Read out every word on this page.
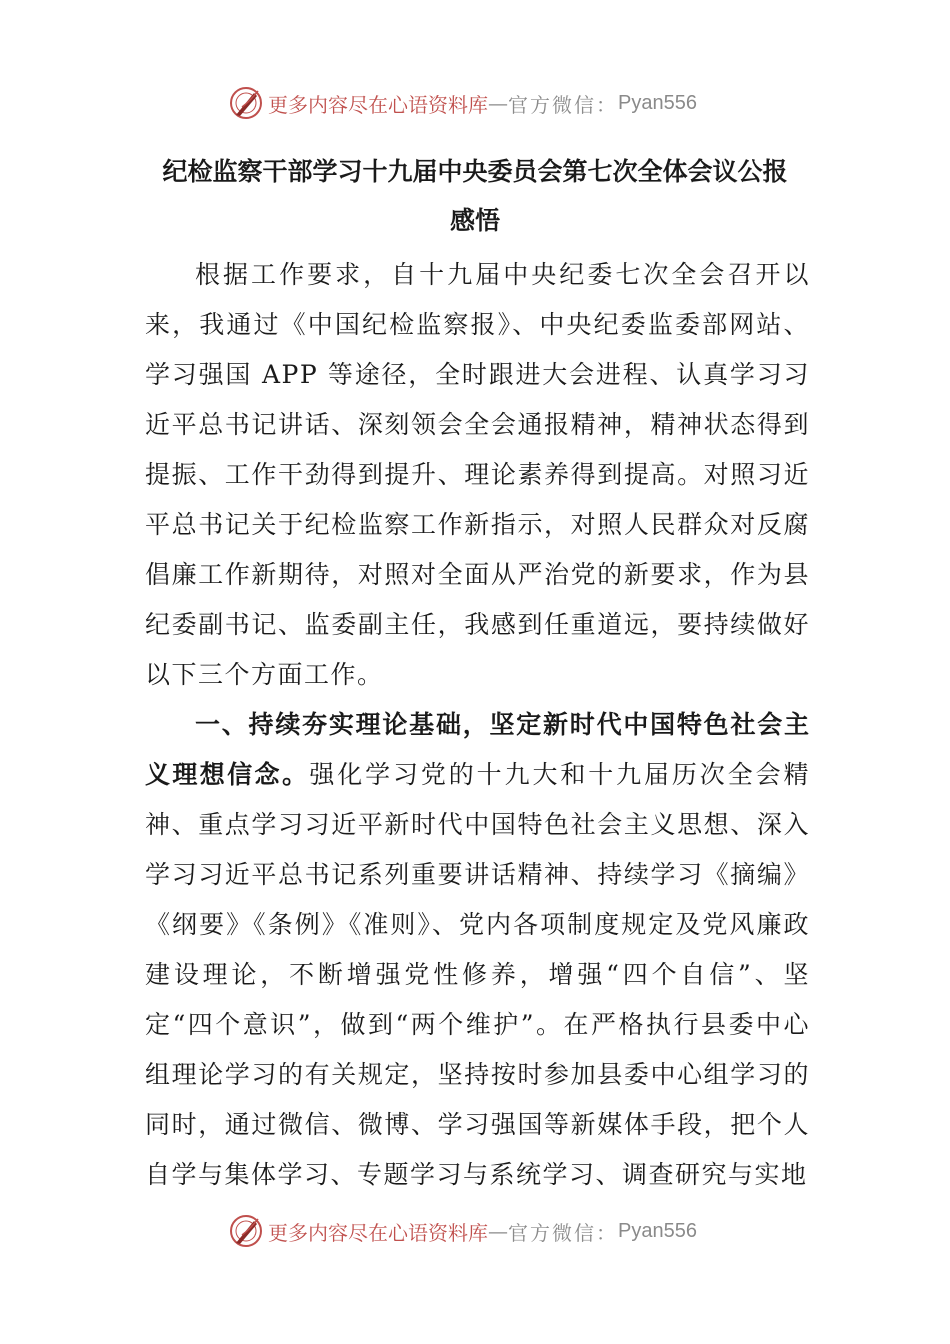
更多内容尽在心语资料库 — 官方微信： Pyan556
纪检监察干部学习十九届中央委员会第七次全体会议公报
感悟

根据工作要求，自十九届中央纪委七次全会召开以来，我通过《中国纪检监察报》、中央纪委监委部网站、学习强国 APP 等途径，全时跟进大会进程、认真学习习近平总书记讲话、深刻领会全会通报精神，精神状态得到提振、工作干劲得到提升、理论素养得到提高。对照习近平总书记关于纪检监察工作新指示，对照人民群众对反腐倡廉工作新期待，对照对全面从严治党的新要求，作为县纪委副书记、监委副主任，我感到任重道远，要持续做好以下三个方面工作。

一、持续夯实理论基础，坚定新时代中国特色社会主义理想信念。强化学习党的十九大和十九届历次全会精神、重点学习习近平新时代中国特色社会主义思想、深入学习习近平总书记系列重要讲话精神、持续学习《摘编》《纲要》《条例》《准则》、党内各项制度规定及党风廉政建设理论，不断增强党性修养，增强“四个自信”、坚定“四个意识”，做到“两个维护”。在严格执行县委中心组理论学习的有关规定，坚持按时参加县委中心组学习的同时，通过微信、微博、学习强国等新媒体手段，把个人自学与集体学习、专题学习与系统学习、调查研究与实地

更多内容尽在心语资料库 — 官方微信： Pyan556
